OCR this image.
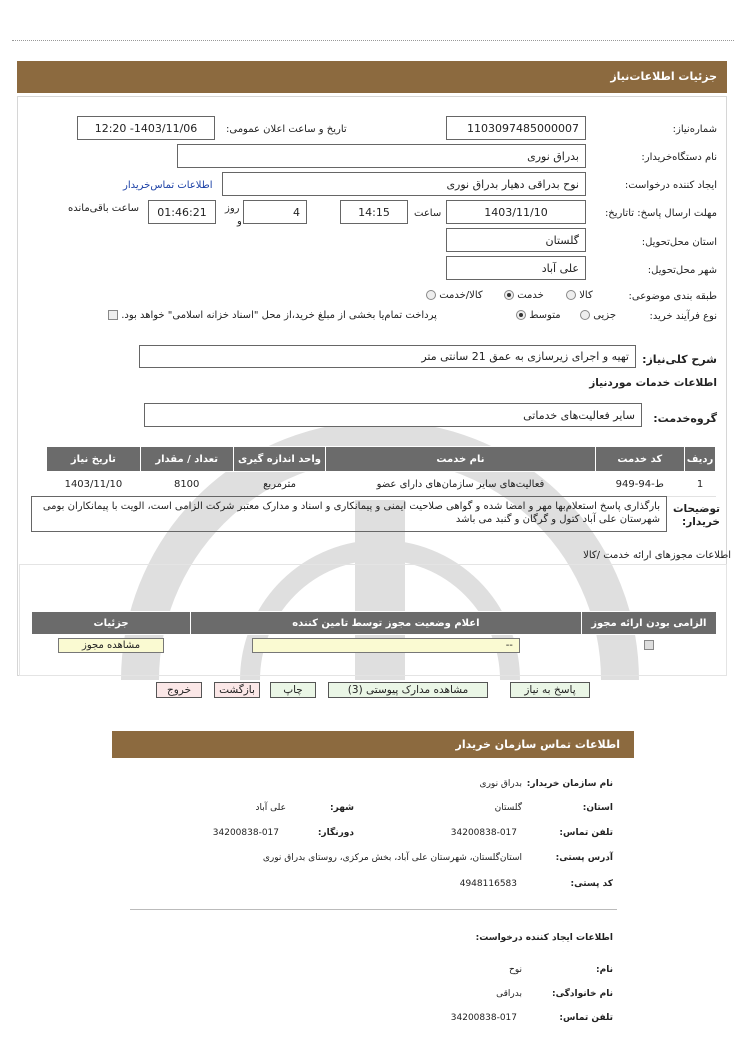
جزئیات اطلاعات‌نیاز
شماره‌نیاز:
1103097485000007
تاریخ و ساعت اعلان عمومی:
1403/11/06- 12:20
نام دستگاه‌خریدار:
بدراق نوری
ایجاد کننده درخواست:
نوح بدراقی دهیار بدراق نوری
اطلاعات تماس‌خریدار
مهلت ارسال پاسخ: تاتاریخ:
1403/11/10
ساعت
14:15
4
روز
و
01:46:21
ساعت باقی‌مانده
استان محل‌تحویل:
گلستان
شهر محل‌تحویل:
علی آباد
طبقه بندی موضوعی:
کالا
خدمت
کالا/خدمت
نوع فرآیند خرید:
جزیی
متوسط
پرداخت تمام‌یا بخشی از مبلغ خرید،از محل "اسناد خزانه اسلامی" خواهد بود.
شرح کلی‌نیاز:
تهیه و اجرای زیرسازی به عمق 21 سانتی متر
اطلاعات خدمات موردنیاز
گروه‌خدمت:
سایر فعالیت‌های خدماتی
ردیف	کد خدمت	نام خدمت	واحد اندازه گیری	تعداد / مقدار	تاریخ نیاز
1	ط-94-949	فعالیت‌های سایر سازمان‌های دارای عضو	مترمربع	8100	1403/11/10
توضیحات خریدار:
بارگذاری پاسخ استعلام‌بها مهر و امضا شده و گواهی صلاحیت ایمنی و پیمانکاری و اسناد و مدارک معتبر شرکت الزامی است، الویت با پیمانکاران بومی شهرستان علی آباد کتول و گرگان و گنبد می باشد
اطلاعات مجوزهای ارائه خدمت /کالا
الزامی بودن ارائه مجوز	اعلام وضعیت مجوز توسط تامین کننده	جزئیات

	--	مشاهده مجوز
پاسخ به نیاز
مشاهده مدارک پیوستی (3)
چاپ
بازگشت
خروج
اطلاعات تماس سازمان خریدار
نام سازمان خریدار:
بدراق نوری
استان:
گلستان
شهر:
علی آباد
تلفن تماس:
34200838-017
دورنگار:
34200838-017
آدرس پستی:
استان‌گلستان، شهرستان علی آباد، بخش مرکزی، روستای بدراق نوری
کد پستی:
4948116583
اطلاعات ایجاد کننده درخواست:
نام:
نوح
نام خانوادگی:
بدراقی
تلفن تماس:
34200838-017
